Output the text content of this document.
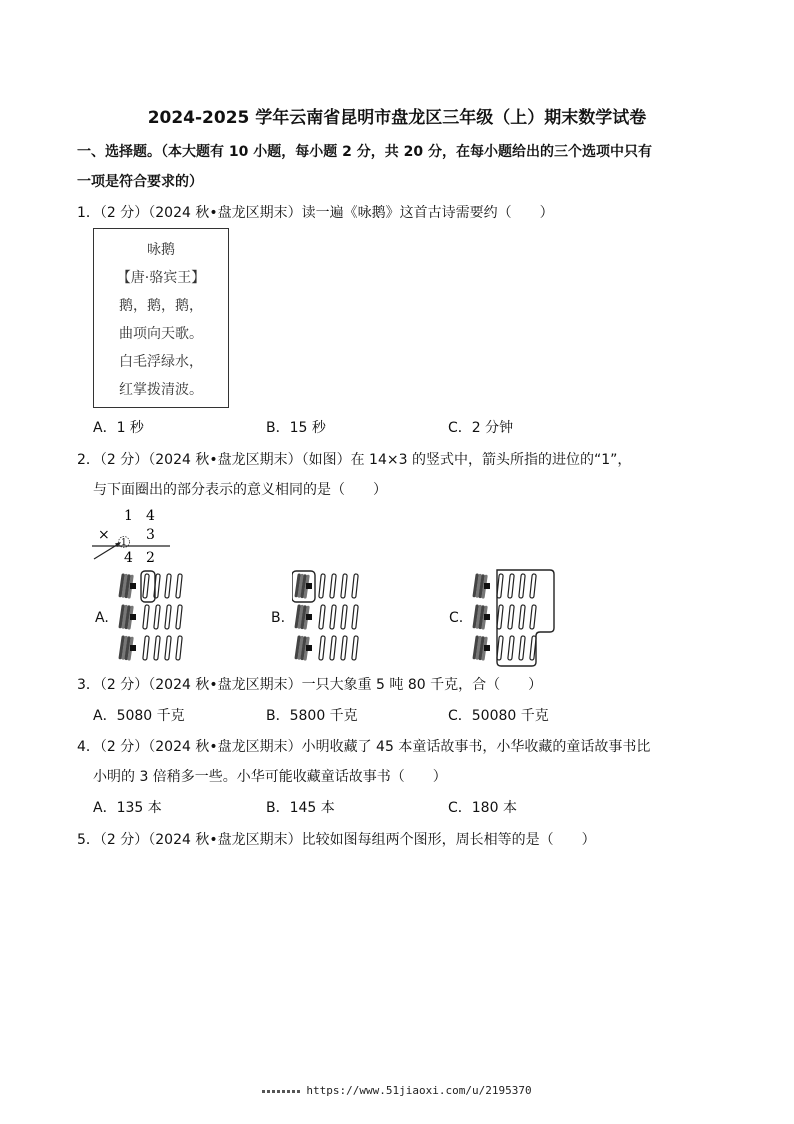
2024-2025 学年云南省昆明市盘龙区三年级（上）期末数学试卷
一、选择题。（本大题有 10 小题，每小题 2 分，共 20 分，在每小题给出的三个选项中只有
一项是符合要求的）
1．（2 分）（2024 秋•盘龙区期末）读一遍《咏鹅》这首古诗需要约（　　）
咏鹅
【唐·骆宾王】
鹅，鹅，鹅，
曲项向天歌。
白毛浮绿水，
红掌拨清波。
A．1 秒	B．15 秒	C．2 分钟
2．（2 分）（2024 秋•盘龙区期末）（如图）在 14×3 的竖式中，箭头所指的进位的“1”，
与下面圈出的部分表示的意义相同的是（　　）
1 4
×	3
1
4 2
A.	B.	C.
3．（2 分）（2024 秋•盘龙区期末）一只大象重 5 吨 80 千克，合（　　）
A．5080 千克	B．5800 千克	C．50080 千克
4．（2 分）（2024 秋•盘龙区期末）小明收藏了 45 本童话故事书，小华收藏的童话故事书比
小明的 3 倍稍多一些。小华可能收藏童话故事书（　　）
A．135 本	B．145 本	C．180 本
5．（2 分）（2024 秋•盘龙区期末）比较如图每组两个图形，周长相等的是（　　）
https://www.51jiaoxi.com/u/2195370
